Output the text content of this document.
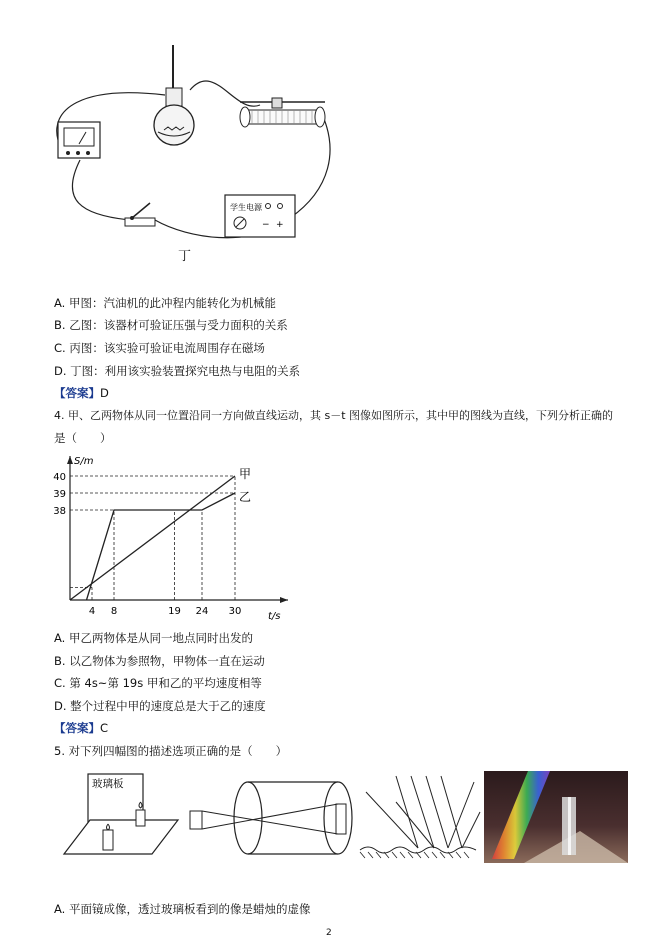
学生电源
− +
丁
A. 甲图：汽油机的此冲程内能转化为机械能
B. 乙图：该器材可验证压强与受力面积的关系
C. 丙图：该实验可验证电流周围存在磁场
D. 丁图：利用该实验装置探究电热与电阻的关系
【答案】D
4. 甲、乙两物体从同一位置沿同一方向做直线运动，其 s－t 图像如图所示，其中甲的图线为直线，下列分析正确的
是（　　）
S/m
t/s
38
39
40
4 8	19 24 30
甲
乙
A. 甲乙两物体是从同一地点同时出发的
B. 以乙物体为参照物，甲物体一直在运动
C. 第 4s~第 19s 甲和乙的平均速度相等
D. 整个过程中甲的速度总是大于乙的速度
【答案】C
5. 对下列四幅图的描述选项正确的是（　　）
玻璃板
A. 平面镜成像，透过玻璃板看到的像是蜡烛的虚像
2
